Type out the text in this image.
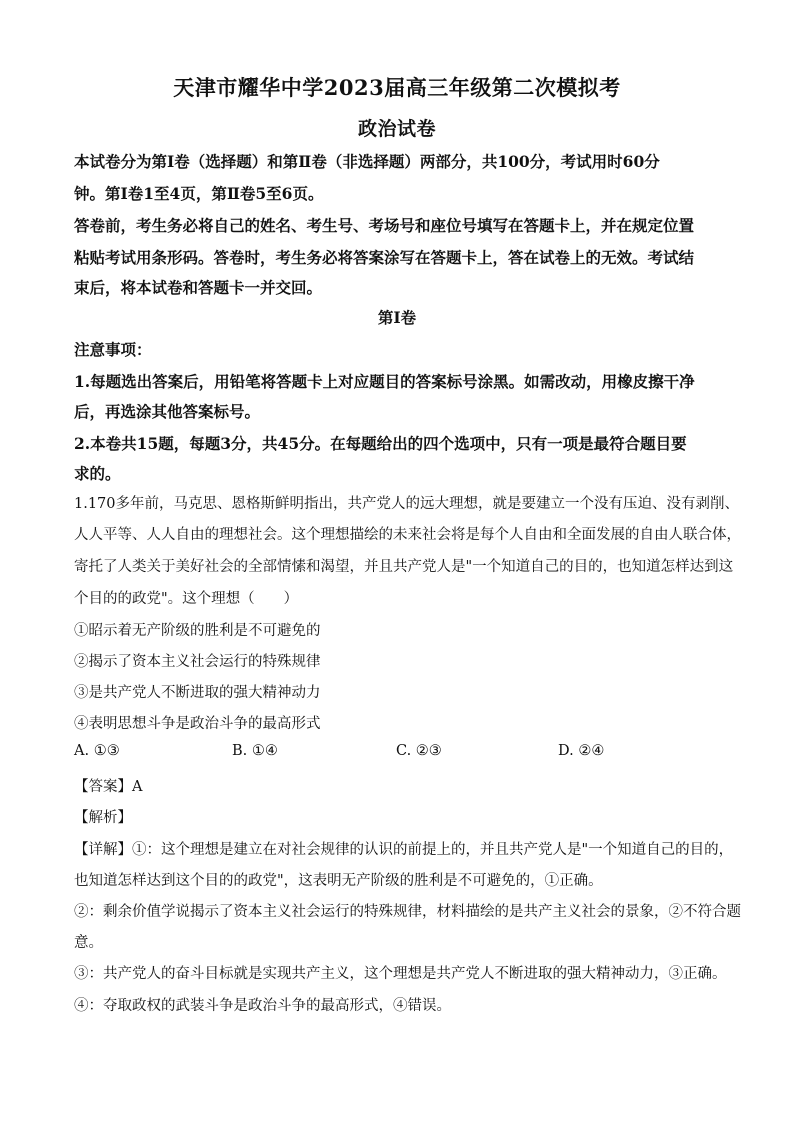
天津市耀华中学2023届高三年级第二次模拟考
政治试卷
本试卷分为第Ⅰ卷（选择题）和第Ⅱ卷（非选择题）两部分，共100分，考试用时60分
钟。第Ⅰ卷1至4页，第Ⅱ卷5至6页。
答卷前，考生务必将自己的姓名、考生号、考场号和座位号填写在答题卡上，并在规定位置
粘贴考试用条形码。答卷时，考生务必将答案涂写在答题卡上，答在试卷上的无效。考试结
束后，将本试卷和答题卡一并交回。
第Ⅰ卷
注意事项：
1.每题选出答案后，用铅笔将答题卡上对应题目的答案标号涂黑。如需改动，用橡皮擦干净
后，再选涂其他答案标号。
2.本卷共15题，每题3分，共45分。在每题给出的四个选项中，只有一项是最符合题目要
求的。
1.170多年前，马克思、恩格斯鲜明指出，共产党人的远大理想，就是要建立一个没有压迫、没有剥削、
人人平等、人人自由的理想社会。这个理想描绘的未来社会将是每个人自由和全面发展的自由人联合体，
寄托了人类关于美好社会的全部情愫和渴望，并且共产党人是"一个知道自己的目的，也知道怎样达到这
个目的的政党"。这个理想（　　）
①昭示着无产阶级的胜利是不可避免的
②揭示了资本主义社会运行的特殊规律
③是共产党人不断进取的强大精神动力
④表明思想斗争是政治斗争的最高形式
A. ①③	B. ①④	C. ②③	D. ②④
【答案】A
【解析】
【详解】①：这个理想是建立在对社会规律的认识的前提上的，并且共产党人是"一个知道自己的目的，
也知道怎样达到这个目的的政党"，这表明无产阶级的胜利是不可避免的，①正确。
②：剩余价值学说揭示了资本主义社会运行的特殊规律，材料描绘的是共产主义社会的景象，②不符合题
意。
③：共产党人的奋斗目标就是实现共产主义，这个理想是共产党人不断进取的强大精神动力，③正确。
④：夺取政权的武装斗争是政治斗争的最高形式，④错误。
